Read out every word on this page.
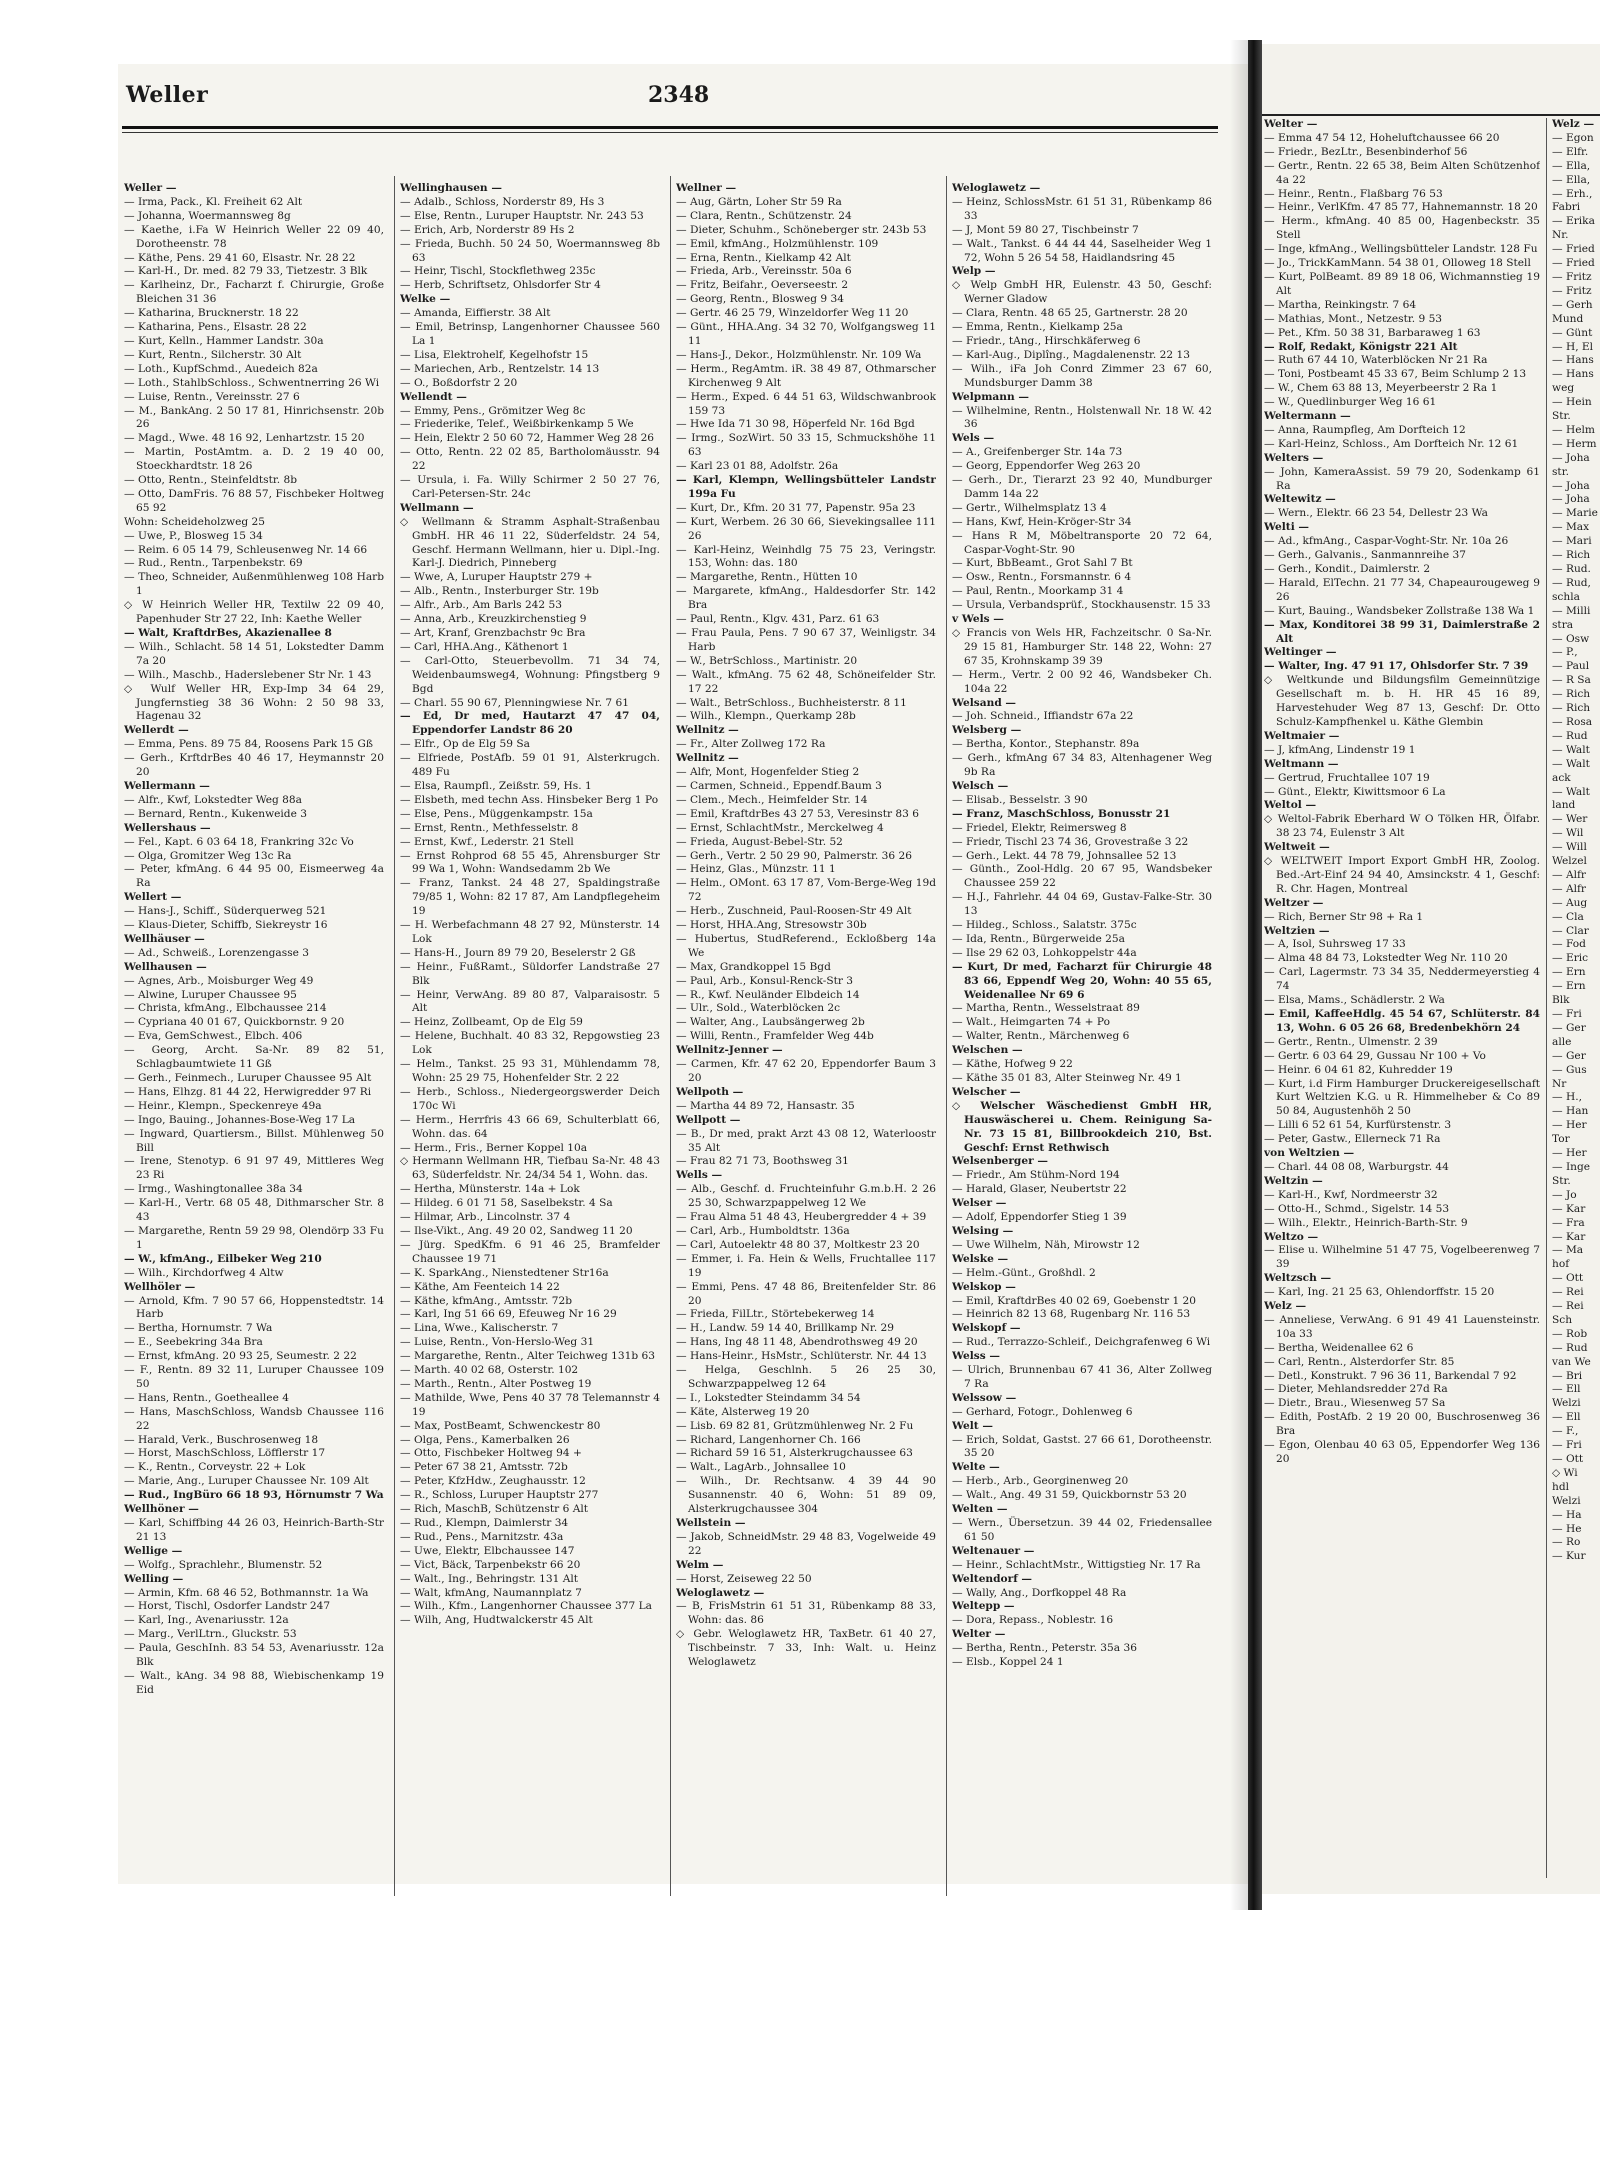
Weller	2348
Weller —
— Irma, Pack., Kl. Freiheit 62 Alt
— Johanna, Woermannsweg 8g
— Kaethe, i.Fa W Heinrich Weller 22 09 40, Dorotheenstr. 78
— Käthe, Pens. 29 41 60, Elsastr. Nr. 28 22
— Karl-H., Dr. med. 82 79 33, Tietzestr. 3 Blk
— Karlheinz, Dr., Facharzt f. Chirurgie, Große Bleichen 31 36
— Katharina, Brucknerstr. 18 22
— Katharina, Pens., Elsastr. 28 22
— Kurt, Kelln., Hammer Landstr. 30a
— Kurt, Rentn., Silcherstr. 30 Alt
— Loth., KupfSchmd., Auedeich 82a
— Loth., StahlbSchloss., Schwentnerring 26 Wi
— Luise, Rentn., Vereinsstr. 27 6
— M., BankAng. 2 50 17 81, Hinrichsenstr. 20b 26
— Magd., Wwe. 48 16 92, Lenhartzstr. 15 20
— Martin, PostAmtm. a. D. 2 19 40 00, Stoeckhardtstr. 18 26
— Otto, Rentn., Steinfeldtstr. 8b
— Otto, DamFris. 76 88 57, Fischbeker Holtweg 65 92
Wohn: Scheideholzweg 25
— Uwe, P., Blosweg 15 34
— Reim. 6 05 14 79, Schleusenweg Nr. 14 66
— Rud., Rentn., Tarpenbekstr. 69
— Theo, Schneider, Außenmühlenweg 108 Harb 1
◇ W Heinrich Weller HR, Textilw 22 09 40, Papenhuder Str 27 22, Inh: Kaethe Weller
— Walt, KraftdrBes, Akazienallee 8
— Wilh., Schlacht. 58 14 51, Lokstedter Damm 7a 20
— Wilh., Maschb., Haderslebener Str Nr. 1 43
◇ Wulf Weller HR, Exp-Imp 34 64 29, Jungfernstieg 38 36 Wohn: 2 50 98 33, Hagenau 32
Wellerdt —
— Emma, Pens. 89 75 84, Roosens Park 15 Gß
— Gerh., KrftdrBes 40 46 17, Heymannstr 20 20
Wellermann —
— Alfr., Kwf, Lokstedter Weg 88a
— Bernard, Rentn., Kukenweide 3
Wellershaus —
— Fel., Kapt. 6 03 64 18, Frankring 32c Vo
— Olga, Gromitzer Weg 13c Ra
— Peter, kfmAng. 6 44 95 00, Eismeerweg 4a Ra
Wellert —
— Hans-J., Schiff., Süderquerweg 521
— Klaus-Dieter, Schiffb, Siekreystr 16
Wellhäuser —
— Ad., Schweiß., Lorenzengasse 3
Wellhausen —
— Agnes, Arb., Moisburger Weg 49
— Alwine, Luruper Chaussee 95
— Christa, kfmAng., Elbchaussee 214
— Cypriana 40 01 67, Quickbornstr. 9 20
— Eva, GemSchwest., Elbch. 406
— Georg, Archt. Sa-Nr. 89 82 51, Schlagbaumtwiete 11 Gß
— Gerh., Feinmech., Luruper Chaussee 95 Alt
— Hans, Elhzg. 81 44 22, Herwigredder 97 Ri
— Heinr., Klempn., Speckenreye 49a
— Ingo, Bauing., Johannes-Bose-Weg 17 La
— Ingward, Quartiersm., Billst. Mühlenweg 50 Bill
— Irene, Stenotyp. 6 91 97 49, Mittleres Weg 23 Ri
— Irmg., Washingtonallee 38a 34
— Karl-H., Vertr. 68 05 48, Dithmarscher Str. 8 43
— Margarethe, Rentn 59 29 98, Olendörp 33 Fu 1
— W., kfmAng., Eilbeker Weg 210
— Wilh., Kirchdorfweg 4 Altw
Wellhöler —
— Arnold, Kfm. 7 90 57 66, Hoppenstedtstr. 14 Harb
— Bertha, Hornumstr. 7 Wa
— E., Seebekring 34a Bra
— Ernst, kfmAng. 20 93 25, Seumestr. 2 22
— F., Rentn. 89 32 11, Luruper Chaussee 109 50
— Hans, Rentn., Goetheallee 4
— Hans, MaschSchloss, Wandsb Chaussee 116 22
— Harald, Verk., Buschrosenweg 18
— Horst, MaschSchloss, Löfflerstr 17
— K., Rentn., Corveystr. 22 + Lok
— Marie, Ang., Luruper Chaussee Nr. 109 Alt
— Rud., IngBüro 66 18 93, Hörnumstr 7 Wa
Wellhöner —
— Karl, Schiffbing 44 26 03, Heinrich-Barth-Str 21 13
Wellige —
— Wolfg., Sprachlehr., Blumenstr. 52
Welling —
— Armin, Kfm. 68 46 52, Bothmannstr. 1a Wa
— Horst, Tischl, Osdorfer Landstr 247
— Karl, Ing., Avenariusstr. 12a
— Marg., VerlLtrn., Gluckstr. 53
— Paula, GeschInh. 83 54 53, Avenariusstr. 12a Blk
— Walt., kAng. 34 98 88, Wiebischenkamp 19 Eid
Wellinghausen —
— Adalb., Schloss, Norderstr 89, Hs 3
— Else, Rentn., Luruper Hauptstr. Nr. 243 53
— Erich, Arb, Norderstr 89 Hs 2
— Frieda, Buchh. 50 24 50, Woermannsweg 8b 63
— Heinr, Tischl, Stockflethweg 235c
— Herb, Schriftsetz, Ohlsdorfer Str 4
Welke —
— Amanda, Eiffierstr. 38 Alt
— Emil, Betrinsp, Langenhorner Chaussee 560 La 1
— Lisa, Elektrohelf, Kegelhofstr 15
— Mariechen, Arb., Rentzelstr. 14 13
— O., Boßdorfstr 2 20
Wellendt —
— Emmy, Pens., Grömitzer Weg 8c
— Friederike, Telef., Weißbirkenkamp 5 We
— Hein, Elektr 2 50 60 72, Hammer Weg 28 26
— Otto, Rentn. 22 02 85, Bartholomäusstr. 94 22
— Ursula, i. Fa. Willy Schirmer 2 50 27 76, Carl-Petersen-Str. 24c
Wellmann —
◇ Wellmann & Stramm Asphalt-Straßenbau GmbH. HR 46 11 22, Süderfeldstr. 24 54, Geschf. Hermann Wellmann, hier u. Dipl.-Ing. Karl-J. Diedrich, Pinneberg
— Wwe, A, Luruper Hauptstr 279 +
— Alb., Rentn., Insterburger Str. 19b
— Alfr., Arb., Am Barls 242 53
— Anna, Arb., Kreuzkirchenstieg 9
— Art, Kranf, Grenzbachstr 9c Bra
— Carl, HHA.Ang., Käthenort 1
— Carl-Otto, Steuerbevollm. 71 34 74, Weidenbaumsweg4, Wohnung: Pfingstberg 9 Bgd
— Charl. 55 90 67, Plenningwiese Nr. 7 61
— Ed, Dr med, Hautarzt 47 47 04, Eppendorfer Landstr 86 20
— Elfr., Op de Elg 59 Sa
— Elfriede, PostAfb. 59 01 91, Alsterkrugch. 489 Fu
— Elsa, Raumpfl., Zeißstr. 59, Hs. 1
— Elsbeth, med techn Ass. Hinsbeker Berg 1 Po
— Else, Pens., Müggenkampstr. 15a
— Ernst, Rentn., Methfesselstr. 8
— Ernst, Kwf., Lederstr. 21 Stell
— Ernst Rohprod 68 55 45, Ahrensburger Str 99 Wa 1, Wohn: Wandsedamm 2b We
— Franz, Tankst. 24 48 27, Spaldingstraße 79/85 1, Wohn: 82 17 87, Am Landpflegeheim 19
— H. Werbefachmann 48 27 92, Münsterstr. 14 Lok
— Hans-H., Journ 89 79 20, Beselerstr 2 Gß
— Heinr., FußRamt., Süldorfer Landstraße 27 Blk
— Heinr, VerwAng. 89 80 87, Valparaisostr. 5 Alt
— Heinz, Zollbeamt, Op de Elg 59
— Helene, Buchhalt. 40 83 32, Repgowstieg 23 Lok
— Helm., Tankst. 25 93 31, Mühlendamm 78, Wohn: 25 29 75, Hohenfelder Str. 2 22
— Herb., Schloss., Niedergeorgswerder Deich 170c Wi
— Herm., Herrfris 43 66 69, Schulterblatt 66, Wohn. das. 64
— Herm., Fris., Berner Koppel 10a
◇ Hermann Wellmann HR, Tiefbau Sa-Nr. 48 43 63, Süderfeldstr. Nr. 24/34 54 1, Wohn. das.
— Hertha, Münsterstr. 14a + Lok
— Hildeg. 6 01 71 58, Saselbekstr. 4 Sa
— Hilmar, Arb., Lincolnstr. 37 4
— Ilse-Vikt., Ang. 49 20 02, Sandweg 11 20
— Jürg. SpedKfm. 6 91 46 25, Bramfelder Chaussee 19 71
— K. SparkAng., Nienstedtener Str16a
— Käthe, Am Feenteich 14 22
— Käthe, kfmAng., Amtsstr. 72b
— Karl, Ing 51 66 69, Efeuweg Nr 16 29
— Lina, Wwe., Kalischerstr. 7
— Luise, Rentn., Von-Herslo-Weg 31
— Margarethe, Rentn., Alter Teichweg 131b 63
— Marth. 40 02 68, Osterstr. 102
— Marth., Rentn., Alter Postweg 19
— Mathilde, Wwe, Pens 40 37 78 Telemannstr 4 19
— Max, PostBeamt, Schwenckestr 80
— Olga, Pens., Kamerbalken 26
— Otto, Fischbeker Holtweg 94 +
— Peter 67 38 21, Amtsstr. 72b
— Peter, KfzHdw., Zeughausstr. 12
— R., Schloss, Luruper Hauptstr 277
— Rich, MaschB, Schützenstr 6 Alt
— Rud., Klempn, Daimlerstr 34
— Rud., Pens., Marnitzstr. 43a
— Uwe, Elektr, Elbchaussee 147
— Vict, Bäck, Tarpenbekstr 66 20
— Walt., Ing., Behringstr. 131 Alt
— Walt, kfmAng, Naumannplatz 7
— Wilh., Kfm., Langenhorner Chaussee 377 La
— Wilh, Ang, Hudtwalckerstr 45 Alt
Wellner —
— Aug, Gärtn, Loher Str 59 Ra
— Clara, Rentn., Schützenstr. 24
— Dieter, Schuhm., Schöneberger str. 243b 53
— Emil, kfmAng., Holzmühlenstr. 109
— Erna, Rentn., Kielkamp 42 Alt
— Frieda, Arb., Vereinsstr. 50a 6
— Fritz, Beifahr., Oeverseestr. 2
— Georg, Rentn., Blosweg 9 34
— Gertr. 46 25 79, Winzeldorfer Weg 11 20
— Günt., HHA.Ang. 34 32 70, Wolfgangsweg 11 11
— Hans-J., Dekor., Holzmühlenstr. Nr. 109 Wa
— Herm., RegAmtm. iR. 38 49 87, Othmarscher Kirchenweg 9 Alt
— Herm., Exped. 6 44 51 63, Wildschwanbrook 159 73
— Hwe Ida 71 30 98, Höperfeld Nr. 16d Bgd
— Irmg., SozWirt. 50 33 15, Schmuckshöhe 11 63
— Karl 23 01 88, Adolfstr. 26a
— Karl, Klempn, Wellingsbütteler Landstr 199a Fu
— Kurt, Dr., Kfm. 20 31 77, Papenstr. 95a 23
— Kurt, Werbem. 26 30 66, Sievekingsallee 111 26
— Karl-Heinz, Weinhdlg 75 75 23, Veringstr. 153, Wohn: das. 180
— Margarethe, Rentn., Hütten 10
— Margarete, kfmAng., Haldesdorfer Str. 142 Bra
— Paul, Rentn., Klgv. 431, Parz. 61 63
— Frau Paula, Pens. 7 90 67 37, Weinligstr. 34 Harb
— W., BetrSchloss., Martinistr. 20
— Walt., kfmAng. 75 62 48, Schöneifelder Str. 17 22
— Walt., BetrSchloss., Buchheisterstr. 8 11
— Wilh., Klempn., Querkamp 28b
Wellnitz —
— Fr., Alter Zollweg 172 Ra
Wellnitz —
— Alfr, Mont, Hogenfelder Stieg 2
— Carmen, Schneid., Eppendf.Baum 3
— Clem., Mech., Heimfelder Str. 14
— Emil, KraftdrBes 43 27 53, Veresinstr 83 6
— Ernst, SchlachtMstr., Merckelweg 4
— Frieda, August-Bebel-Str. 52
— Gerh., Vertr. 2 50 29 90, Palmerstr. 36 26
— Heinz, Glas., Münzstr. 11 1
— Helm., OMont. 63 17 87, Vom-Berge-Weg 19d 72
— Herb., Zuschneid, Paul-Roosen-Str 49 Alt
— Horst, HHA.Ang, Stresowstr 30b
— Hubertus, StudReferend., Eckloßberg 14a We
— Max, Grandkoppel 15 Bgd
— Paul, Arb., Konsul-Renck-Str 3
— R., Kwf. Neuländer Elbdeich 14
— Ulr., Sold., Waterblöcken 2c
— Walter, Ang., Laubsängerweg 2b
— Willi, Rentn., Framfelder Weg 44b
Wellnitz-Jenner —
— Carmen, Kfr. 47 62 20, Eppendorfer Baum 3 20
Wellpoth —
— Martha 44 89 72, Hansastr. 35
Wellpott —
— B., Dr med, prakt Arzt 43 08 12, Waterloostr 35 Alt
— Frau 82 71 73, Boothsweg 31
Wells —
— Alb., Geschf. d. Fruchteinfuhr G.m.b.H. 2 26 25 30, Schwarzpappelweg 12 We
— Frau Alma 51 48 43, Heubergredder 4 + 39
— Carl, Arb., Humboldtstr. 136a
— Carl, Autoelektr 48 80 37, Moltkestr 23 20
— Emmer, i. Fa. Hein & Wells, Fruchtallee 117 19
— Emmi, Pens. 47 48 86, Breitenfelder Str. 86 20
— Frieda, FilLtr., Störtebekerweg 14
— H., Landw. 59 14 40, Brillkamp Nr. 29
— Hans, Ing 48 11 48, Abendrothsweg 49 20
— Hans-Heinr., HsMstr., Schlüterstr. Nr. 44 13
— Helga, Geschlnh. 5 26 25 30, Schwarzpappelweg 12 64
— I., Lokstedter Steindamm 34 54
— Käte, Alsterweg 19 20
— Lisb. 69 82 81, Grützmühlenweg Nr. 2 Fu
— Richard, Langenhorner Ch. 166
— Richard 59 16 51, Alsterkrugchaussee 63
— Walt., LagArb., Johnsallee 10
— Wilh., Dr. Rechtsanw. 4 39 44 90 Susannenstr. 40 6, Wohn: 51 89 09, Alsterkrugchaussee 304
Wellstein —
— Jakob, SchneidMstr. 29 48 83, Vogelweide 49 22
Welm —
— Horst, Zeiseweg 22 50
Weloglawetz —
— B, FrisMstrin 61 51 31, Rübenkamp 88 33, Wohn: das. 86
◇ Gebr. Weloglawetz HR, TaxBetr. 61 40 27, Tischbeinstr. 7 33, Inh: Walt. u. Heinz Weloglawetz
Weloglawetz —
— Heinz, SchlossMstr. 61 51 31, Rübenkamp 86 33
— J, Mont 59 80 27, Tischbeinstr 7
— Walt., Tankst. 6 44 44 44, Saselheider Weg 1 72, Wohn 5 26 54 58, Haidlandsring 45
Welp —
◇ Welp GmbH HR, Eulenstr. 43 50, Geschf: Werner Gladow
— Clara, Rentn. 48 65 25, Gartnerstr. 28 20
— Emma, Rentn., Kielkamp 25a
— Friedr., tAng., Hirschkäferweg 6
— Karl-Aug., Diplîng., Magdalenenstr. 22 13
— Wilh., iFa Joh Conrd Zimmer 23 67 60, Mundsburger Damm 38
Welpmann —
— Wilhelmine, Rentn., Holstenwall Nr. 18 W. 42 36
Wels —
— A., Greifenberger Str. 14a 73
— Georg, Eppendorfer Weg 263 20
— Gerh., Dr., Tierarzt 23 92 40, Mundburger Damm 14a 22
— Gertr., Wilhelmsplatz 13 4
— Hans, Kwf, Hein-Kröger-Str 34
— Hans R M, Möbeltransporte 20 72 64, Caspar-Voght-Str. 90
— Kurt, BbBeamt., Grot Sahl 7 Bt
— Osw., Rentn., Forsmannstr. 6 4
— Paul, Rentn., Moorkamp 31 4
— Ursula, Verbandsprüf., Stockhausenstr. 15 33
v Wels —
◇ Francis von Wels HR, Fachzeitschr. 0 Sa-Nr. 29 15 81, Hamburger Str. 148 22, Wohn: 27 67 35, Krohnskamp 39 39
— Herm., Vertr. 2 00 92 46, Wandsbeker Ch. 104a 22
Welsand —
— Joh. Schneid., Iffiandstr 67a 22
Welsberg —
— Bertha, Kontor., Stephanstr. 89a
— Gerh., kfmAng 67 34 83, Altenhagener Weg 9b Ra
Welsch —
— Elisab., Besselstr. 3 90
— Franz, MaschSchloss, Bonusstr 21
— Friedel, Elektr, Reimersweg 8
— Friedr, Tischl 23 74 36, Grovestraße 3 22
— Gerh., Lekt. 44 78 79, Johnsallee 52 13
— Günth., Zool-Hdlg. 20 67 95, Wandsbeker Chaussee 259 22
— H.J., Fahrlehr. 44 04 69, Gustav-Falke-Str. 30 13
— Hildeg., Schloss., Salatstr. 375c
— Ida, Rentn., Bürgerweide 25a
— Ilse 29 62 03, Lohkoppelstr 44a
— Kurt, Dr med, Facharzt für Chirurgie 48 83 66, Eppendf Weg 20, Wohn: 40 55 65, Weidenallee Nr 69 6
— Martha, Rentn., Wesselstraat 89
— Walt., Heimgarten 74 + Po
— Walter, Rentn., Märchenweg 6
Welschen —
— Käthe, Hofweg 9 22
— Käthe 35 01 83, Alter Steinweg Nr. 49 1
Welscher —
◇ Welscher Wäschedienst GmbH HR, Hauswäscherei u. Chem. Reinigung Sa-Nr. 73 15 81, Billbrookdeich 210, Bst. Geschf: Ernst Rethwisch
Welsenberger —
— Friedr., Am Stühm-Nord 194
— Harald, Glaser, Neubertstr 22
Welser —
— Adolf, Eppendorfer Stieg 1 39
Welsing —
— Uwe Wilhelm, Näh, Mirowstr 12
Welske —
— Helm.-Günt., Großhdl. 2
Welskop —
— Emil, KraftdrBes 40 02 69, Goebenstr 1 20
— Heinrich 82 13 68, Rugenbarg Nr. 116 53
Welskopf —
— Rud., Terrazzo-Schleif., Deichgrafenweg 6 Wi
Welss —
— Ulrich, Brunnenbau 67 41 36, Alter Zollweg 7 Ra
Welssow —
— Gerhard, Fotogr., Dohlenweg 6
Welt —
— Erich, Soldat, Gastst. 27 66 61, Dorotheenstr. 35 20
Welte —
— Herb., Arb., Georginenweg 20
— Walt., Ang. 49 31 59, Quickbornstr 53 20
Welten —
— Wern., Übersetzun. 39 44 02, Friedensallee 61 50
Weltenauer —
— Heinr., SchlachtMstr., Wittigstieg Nr. 17 Ra
Weltendorf —
— Wally, Ang., Dorfkoppel 48 Ra
Weltepp —
— Dora, Repass., Noblestr. 16
Welter —
— Bertha, Rentn., Peterstr. 35a 36
— Elsb., Koppel 24 1
Welter —
— Emma 47 54 12, Hoheluftchaussee 66 20
— Friedr., BezLtr., Besenbinderhof 56
— Gertr., Rentn. 22 65 38, Beim Alten Schützenhof 4a 22
— Heinr., Rentn., Flaßbarg 76 53
— Heinr., VerlKfm. 47 85 77, Hahnemannstr. 18 20
— Herm., kfmAng. 40 85 00, Hagenbeckstr. 35 Stell
— Inge, kfmAng., Wellingsbütteler Landstr. 128 Fu
— Jo., TrickKamMann. 54 38 01, Olloweg 18 Stell
— Kurt, PolBeamt. 89 89 18 06, Wichmannstieg 19 Alt
— Martha, Reinkingstr. 7 64
— Mathias, Mont., Netzestr. 9 53
— Pet., Kfm. 50 38 31, Barbaraweg 1 63
— Rolf, Redakt, Königstr 221 Alt
— Ruth 67 44 10, Waterblöcken Nr 21 Ra
— Toni, Postbeamt 45 33 67, Beim Schlump 2 13
— W., Chem 63 88 13, Meyerbeerstr 2 Ra 1
— W., Quedlinburger Weg 16 61
Weltermann —
— Anna, Raumpfleg, Am Dorfteich 12
— Karl-Heinz, Schloss., Am Dorfteich Nr. 12 61
Welters —
— John, KameraAssist. 59 79 20, Sodenkamp 61 Ra
Weltewitz —
— Wern., Elektr. 66 23 54, Dellestr 23 Wa
Welti —
— Ad., kfmAng., Caspar-Voght-Str. Nr. 10a 26
— Gerh., Galvanis., Sanmannreihe 37
— Gerh., Kondit., Daimlerstr. 2
— Harald, ElTechn. 21 77 34, Chapeaurougeweg 9 26
— Kurt, Bauing., Wandsbeker Zollstraße 138 Wa 1
— Max, Konditorei 38 99 31, Daimlerstraße 2 Alt
Weltinger —
— Walter, Ing. 47 91 17, Ohlsdorfer Str. 7 39
◇ Weltkunde und Bildungsfilm Gemeinnützige Gesellschaft m. b. H. HR 45 16 89, Harvestehuder Weg 87 13, Geschf: Dr. Otto Schulz-Kampfhenkel u. Käthe Glembin
Weltmaier —
— J, kfmAng, Lindenstr 19 1
Weltmann —
— Gertrud, Fruchtallee 107 19
— Günt., Elektr, Kiwittsmoor 6 La
Weltol —
◇ Weltol-Fabrik Eberhard W O Tölken HR, Ölfabr. 38 23 74, Eulenstr 3 Alt
Weltweit —
◇ WELTWEIT Import Export GmbH HR, Zoolog. Bed.-Art-Einf 24 94 40, Amsinckstr. 4 1, Geschf: R. Chr. Hagen, Montreal
Weltzer —
— Rich, Berner Str 98 + Ra 1
Weltzien —
— A, Isol, Suhrsweg 17 33
— Alma 48 84 73, Lokstedter Weg Nr. 110 20
— Carl, Lagermstr. 73 34 35, Neddermeyerstieg 4 74
— Elsa, Mams., Schädlerstr. 2 Wa
— Emil, KaffeeHdlg. 45 54 67, Schlüterstr. 84 13, Wohn. 6 05 26 68, Bredenbekhörn 24
— Gertr., Rentn., Ulmenstr. 2 39
— Gertr. 6 03 64 29, Gussau Nr 100 + Vo
— Heinr. 6 04 61 82, Kuhredder 19
— Kurt, i.d Firm Hamburger Druckereigesellschaft Kurt Weltzien K.G. u R. Himmelheber & Co 89 50 84, Augustenhöh 2 50
— Lilli 6 52 61 54, Kurfürstenstr. 3
— Peter, Gastw., Ellerneck 71 Ra
von Weltzien —
— Charl. 44 08 08, Warburgstr. 44
Weltzin —
— Karl-H., Kwf, Nordmeerstr 32
— Otto-H., Schmd., Sigelstr. 14 53
— Wilh., Elektr., Heinrich-Barth-Str. 9
Weltzo —
— Elise u. Wilhelmine 51 47 75, Vogelbeerenweg 7 39
Weltzsch —
— Karl, Ing. 21 25 63, Ohlendorffstr. 15 20
Welz —
— Anneliese, VerwAng. 6 91 49 41 Lauensteinstr. 10a 33
— Bertha, Weidenallee 62 6
— Carl, Rentn., Alsterdorfer Str. 85
— Detl., Konstrukt. 7 96 36 11, Barkendal 7 92
— Dieter, Mehlandsredder 27d Ra
— Dietr., Brau., Wiesenweg 57 Sa
— Edith, PostAfb. 2 19 20 00, Buschrosenweg 36 Bra
— Egon, Olenbau 40 63 05, Eppendorfer Weg 136 20
Welz —
— Egon
— Elfr.
— Ella,
— Ella,
— Erh.,
Fabri
— Erika
Nr.
— Fried
— Fried
— Fritz
— Fritz
— Gerh
Mund
— Günt
— H, El
— Hans
— Hans
weg
— Hein
Str.
— Helm
— Herm
— Joha
str.
— Joha
— Joha
— Marie
— Max
— Mari
— Rich
— Rud.
— Rud,
schla
— Milli
stra
— Osw
— P.,
— Paul
— R Sa
— Rich
— Rich
— Rosa
— Rud
— Walt
— Walt
ack
— Walt
land
— Wer
— Wil
— Will
Welzel
— Alfr
— Alfr
— Aug
— Cla
— Clar
— Fod
— Eric
— Ern
— Ern
Blk
— Fri
— Ger
alle
— Ger
— Gus
Nr
— H.,
— Han
— Her
Tor
— Her
— Inge
Str.
— Jo
— Kar
— Fra
— Kar
— Ma
hof
— Ott
— Rei
— Rei
Sch
— Rob
— Rud
van We
— Bri
— Ell
Welzi
— Ell
— F.,
— Fri
— Ott
◇ Wi
hdl
Welzi
— Ha
— He
— Ro
— Kur
